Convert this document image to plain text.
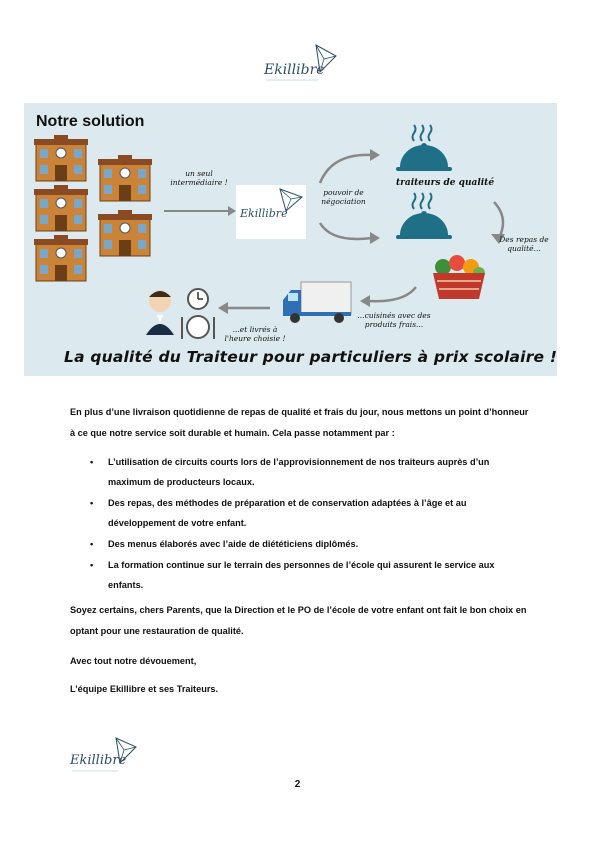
Ekillibre
Notre solution
un seul intermédiaire !
Ekillibre
pouvoir de négociation
traiteurs de qualité
Des repas de qualité...
...cuisinés avec des produits frais...
...et livrés à l'heure choisie !
La qualité du Traiteur pour particuliers à prix scolaire !
En plus d’une livraison quotidienne de repas de qualité et frais du jour, nous mettons un point d’honneur à ce que notre service soit durable et humain. Cela passe notamment par :
• L’utilisation de circuits courts lors de l’approvisionnement de nos traiteurs auprès d’un maximum de producteurs locaux.
• Des repas, des méthodes de préparation et de conservation adaptées à l’âge et au développement de votre enfant.
• Des menus élaborés avec l’aide de diététiciens diplômés.
• La formation continue sur le terrain des personnes de l’école qui assurent le service aux enfants.
Soyez certains, chers Parents, que la Direction et le PO de l’école de votre enfant ont fait le bon choix en optant pour une restauration de qualité.
Avec tout notre dévouement,
L’équipe Ekillibre et ses Traiteurs.
Ekillibre
2
